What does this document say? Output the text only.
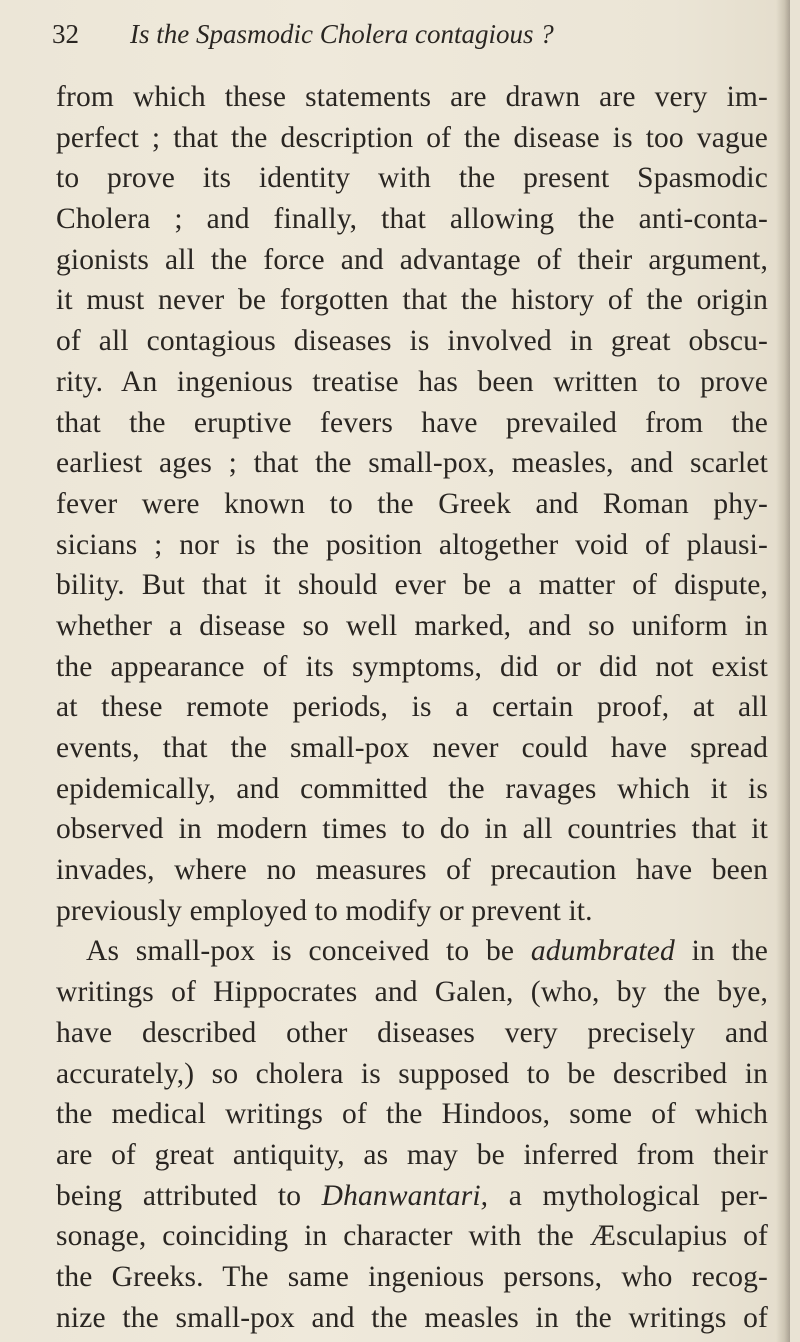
32 Is the Spasmodic Cholera contagious ?
from which these statements are drawn are very im-
perfect ; that the description of the disease is too vague
to prove its identity with the present Spasmodic
Cholera ; and finally, that allowing the anti-conta-
gionists all the force and advantage of their argument,
it must never be forgotten that the history of the origin
of all contagious diseases is involved in great obscu-
rity. An ingenious treatise has been written to prove
that the eruptive fevers have prevailed from the
earliest ages ; that the small-pox, measles, and scarlet
fever were known to the Greek and Roman phy-
sicians ; nor is the position altogether void of plausi-
bility. But that it should ever be a matter of dispute,
whether a disease so well marked, and so uniform in
the appearance of its symptoms, did or did not exist
at these remote periods, is a certain proof, at all
events, that the small-pox never could have spread
epidemically, and committed the ravages which it is
observed in modern times to do in all countries that it
invades, where no measures of precaution have been
previously employed to modify or prevent it.
As small-pox is conceived to be adumbrated in the
writings of Hippocrates and Galen, (who, by the bye,
have described other diseases very precisely and
accurately,) so cholera is supposed to be described in
the medical writings of the Hindoos, some of which
are of great antiquity, as may be inferred from their
being attributed to Dhanwantari, a mythological per-
sonage, coinciding in character with the Æsculapius of
the Greeks. The same ingenious persons, who recog-
nize the small-pox and the measles in the writings of
